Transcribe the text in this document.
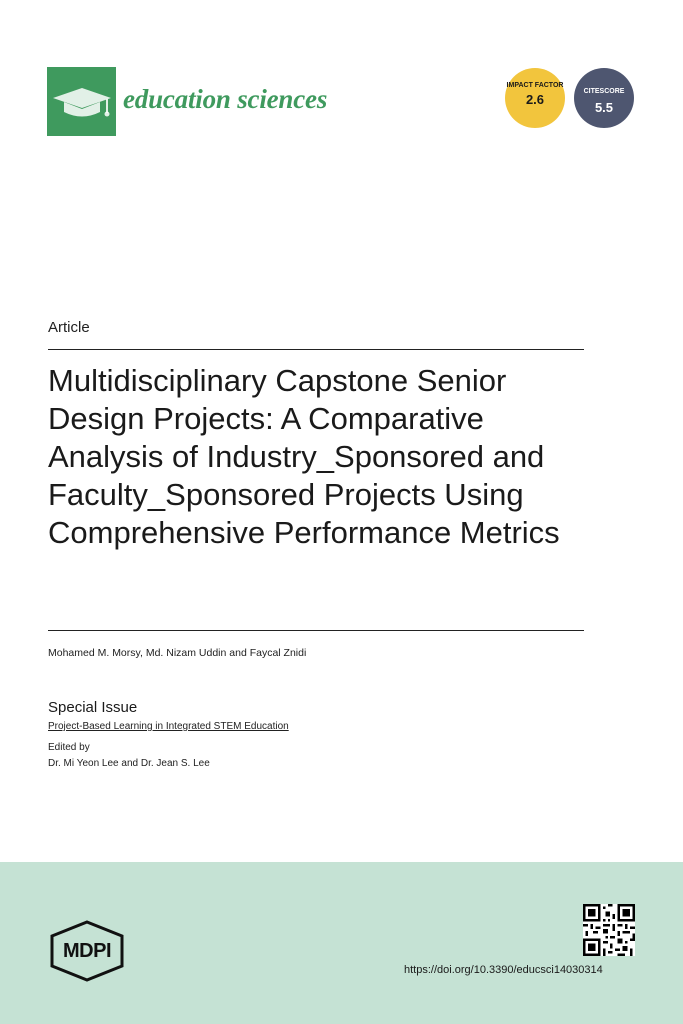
education sciences	IMPACT FACTOR
2.6
CITESCORE
5.5
Article
Multidisciplinary Capstone Senior Design Projects: A Comparative Analysis of Industry_Sponsored and Faculty_Sponsored Projects Using Comprehensive Performance Metrics
Mohamed M. Morsy, Md. Nizam Uddin and Faycal Znidi
Special Issue
Project-Based Learning in Integrated STEM Education
Edited by
Dr. Mi Yeon Lee and Dr. Jean S. Lee
MDPI
https://doi.org/10.3390/educsci14030314
